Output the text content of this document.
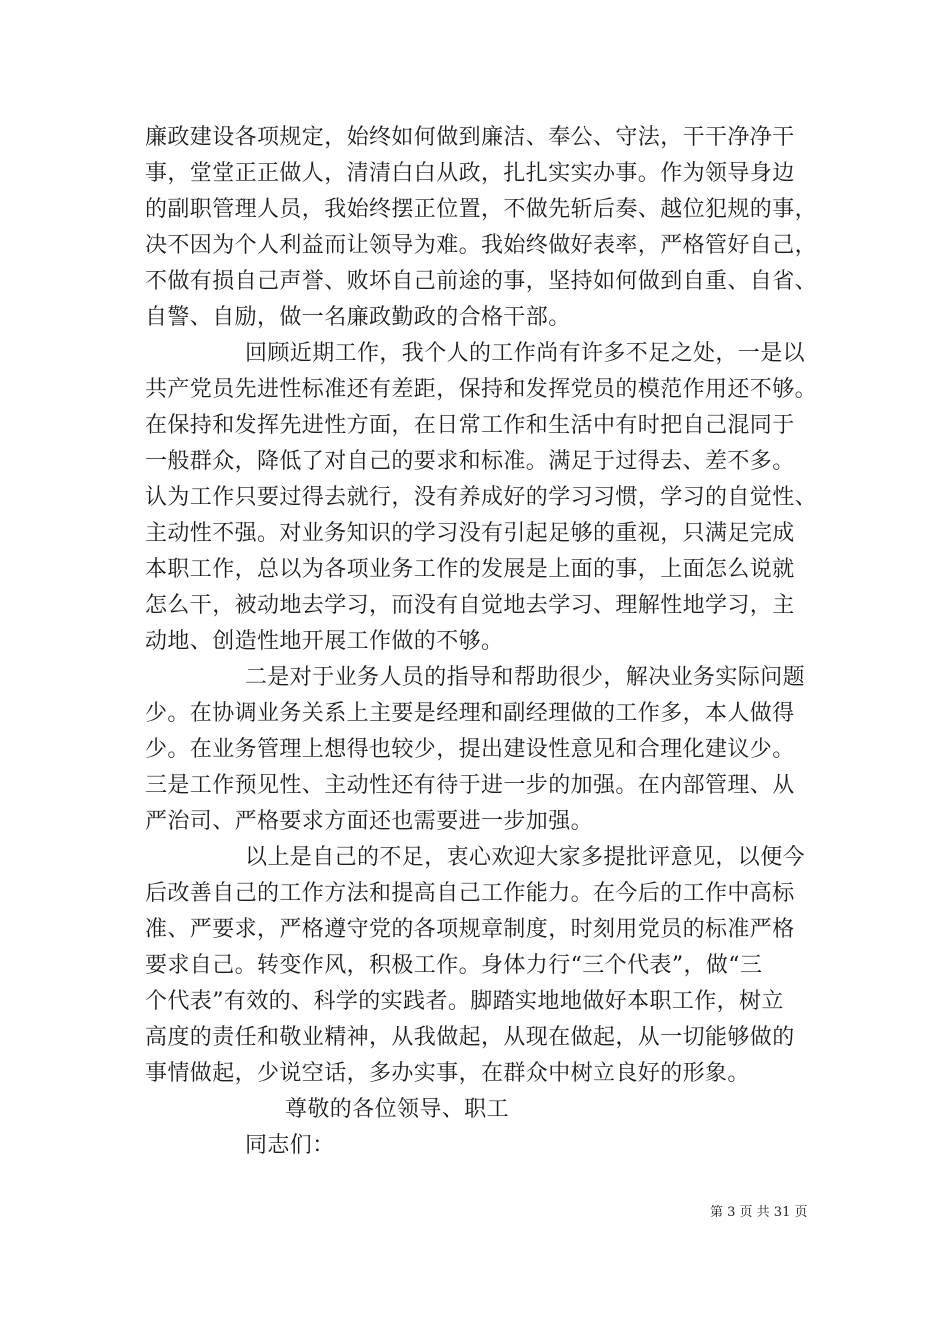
廉政建设各项规定，始终如何做到廉洁、奉公、守法，干干净净干
事，堂堂正正做人，清清白白从政，扎扎实实办事。作为领导身边
的副职管理人员，我始终摆正位置，不做先斩后奏、越位犯规的事，
决不因为个人利益而让领导为难。我始终做好表率，严格管好自己，
不做有损自己声誉、败坏自己前途的事，坚持如何做到自重、自省、
自警、自励，做一名廉政勤政的合格干部。
回顾近期工作，我个人的工作尚有许多不足之处，一是以
共产党员先进性标准还有差距，保持和发挥党员的模范作用还不够。
在保持和发挥先进性方面，在日常工作和生活中有时把自己混同于
一般群众，降低了对自己的要求和标准。满足于过得去、差不多。
认为工作只要过得去就行，没有养成好的学习习惯，学习的自觉性、
主动性不强。对业务知识的学习没有引起足够的重视，只满足完成
本职工作，总以为各项业务工作的发展是上面的事，上面怎么说就
怎么干，被动地去学习，而没有自觉地去学习、理解性地学习，主
动地、创造性地开展工作做的不够。
二是对于业务人员的指导和帮助很少，解决业务实际问题
少。在协调业务关系上主要是经理和副经理做的工作多，本人做得
少。在业务管理上想得也较少，提出建设性意见和合理化建议少。
三是工作预见性、主动性还有待于进一步的加强。在内部管理、从
严治司、严格要求方面还也需要进一步加强。
以上是自己的不足，衷心欢迎大家多提批评意见，以便今
后改善自己的工作方法和提高自己工作能力。在今后的工作中高标
准、严要求，严格遵守党的各项规章制度，时刻用党员的标准严格
要求自己。转变作风，积极工作。身体力行“三个代表”，做“三
个代表”有效的、科学的实践者。脚踏实地地做好本职工作，树立
高度的责任和敬业精神，从我做起，从现在做起，从一切能够做的
事情做起，少说空话，多办实事，在群众中树立良好的形象。
尊敬的各位领导、职工
同志们：
第 3 页 共 31 页
